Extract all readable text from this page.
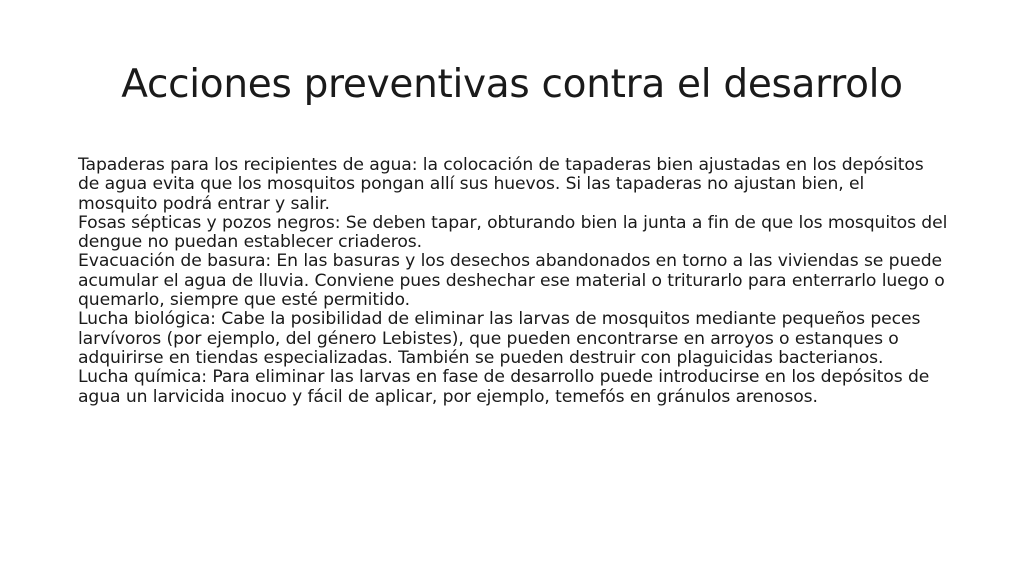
Acciones preventivas contra el desarrolo

Tapaderas para los recipientes de agua: la colocación de tapaderas bien ajustadas en los depósitos de agua evita que los mosquitos pongan allí sus huevos. Si las tapaderas no ajustan bien, el mosquito podrá entrar y salir.

Fosas sépticas y pozos negros: Se deben tapar, obturando bien la junta a fin de que los mosquitos del dengue no puedan establecer criaderos.

Evacuación de basura: En las basuras y los desechos abandonados en torno a las viviendas se puede acumular el agua de lluvia. Conviene pues deshechar ese material o triturarlo para enterrarlo luego o quemarlo, siempre que esté permitido.

Lucha biológica: Cabe la posibilidad de eliminar las larvas de mosquitos mediante pequeños peces larvívoros (por ejemplo, del género Lebistes), que pueden encontrarse en arroyos o estanques o adquirirse en tiendas especializadas. También se pueden destruir con plaguicidas bacterianos.

Lucha química: Para eliminar las larvas en fase de desarrollo puede introducirse en los depósitos de agua un larvicida inocuo y fácil de aplicar, por ejemplo, temefós en gránulos arenosos.
